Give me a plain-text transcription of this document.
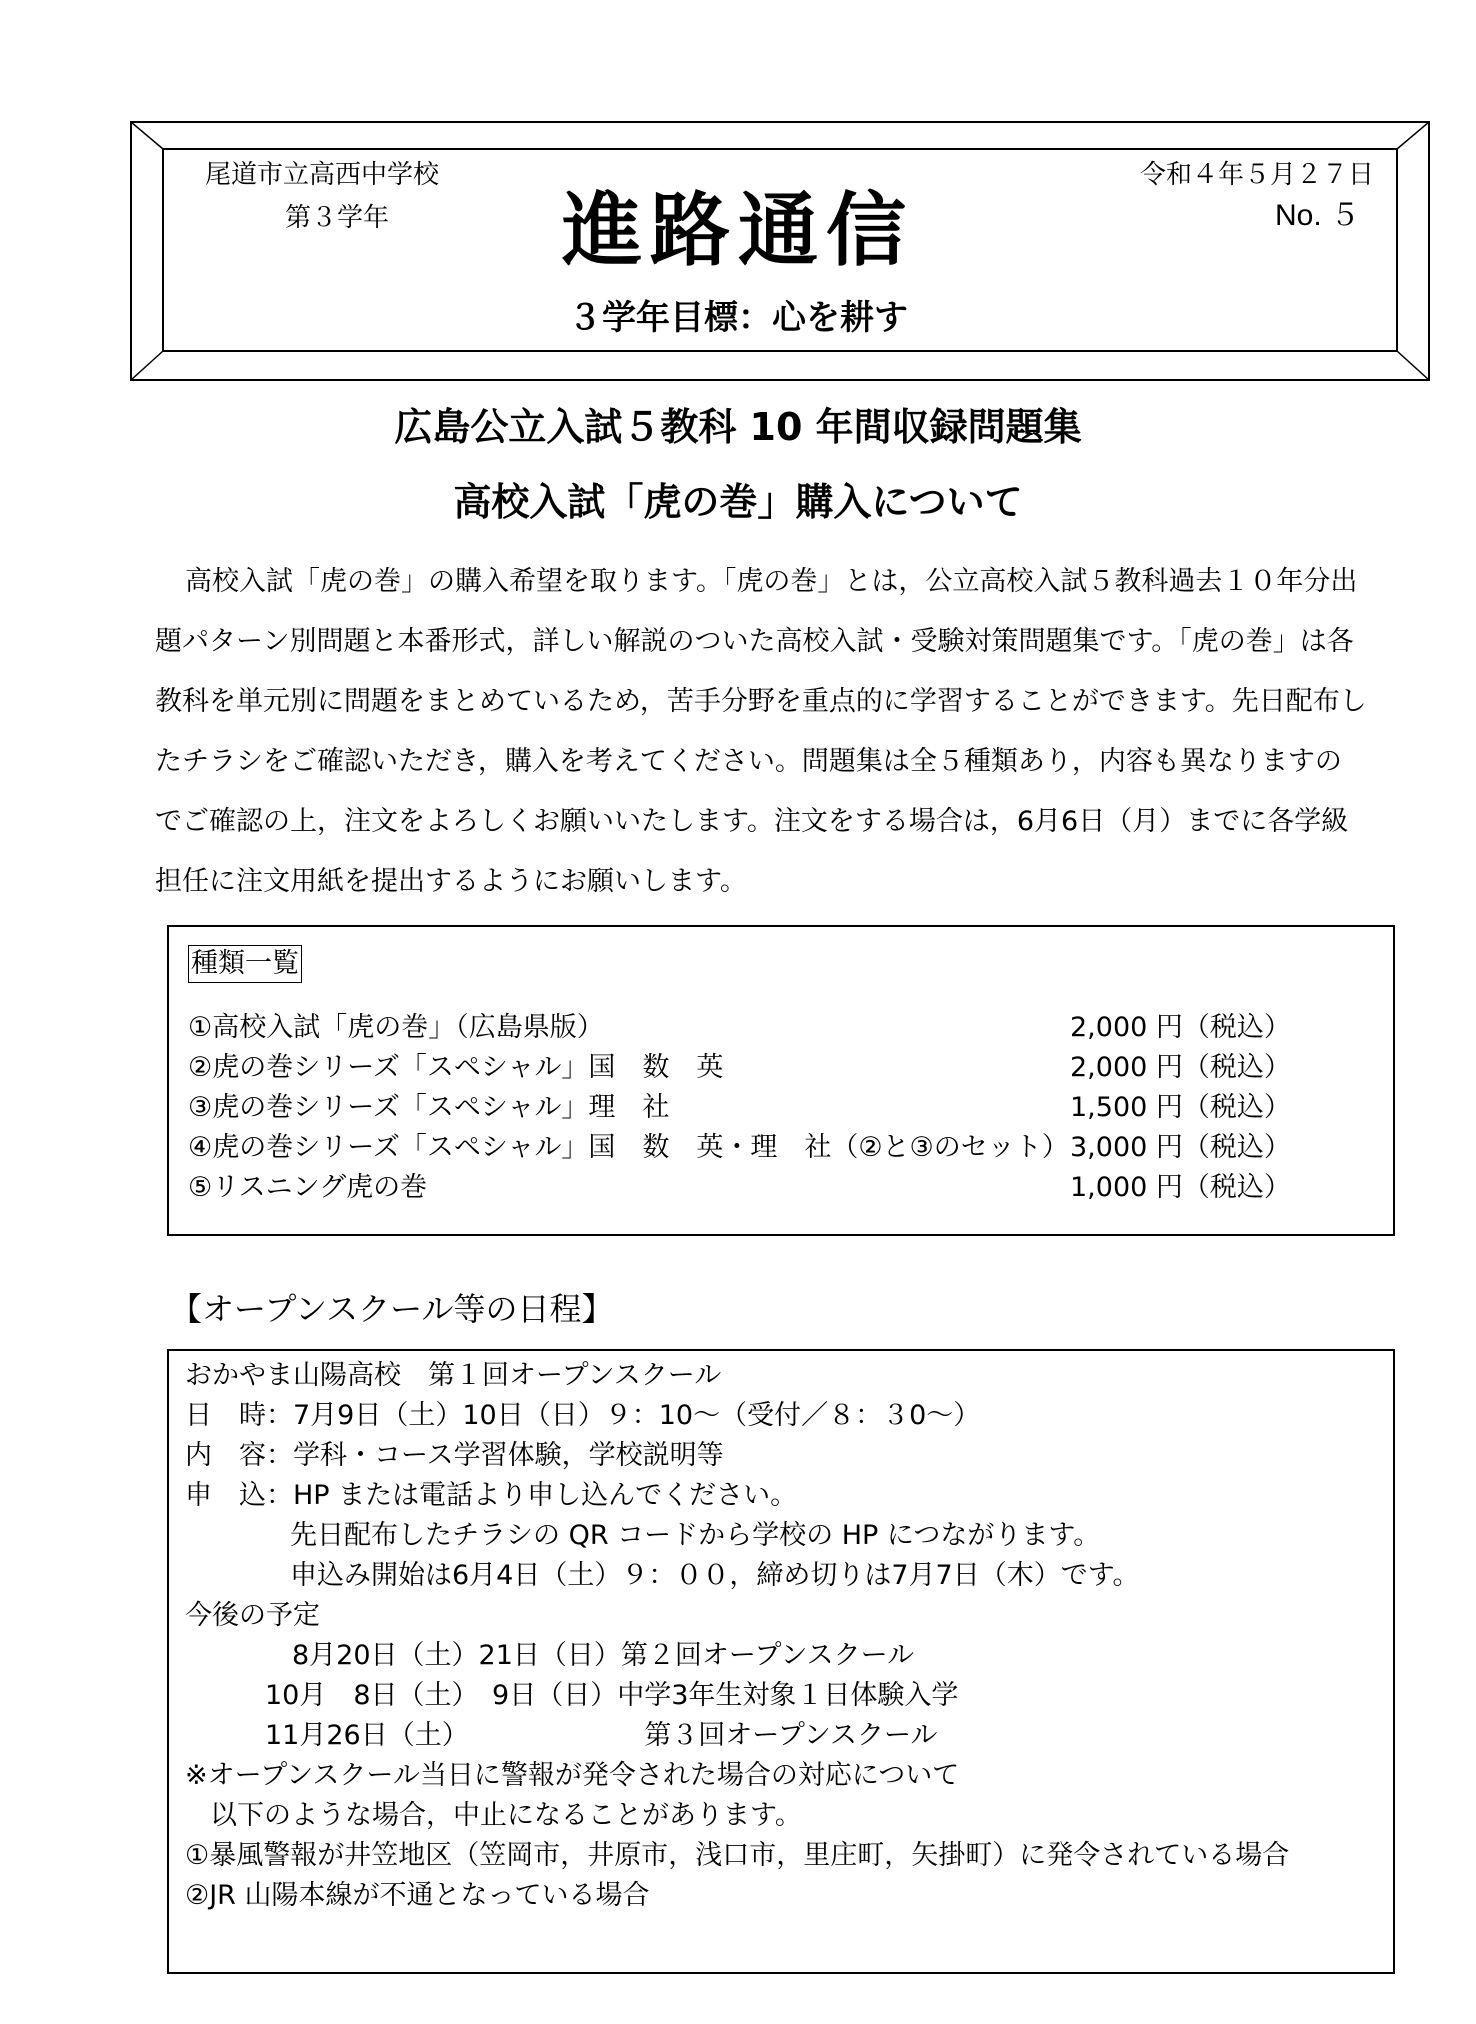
尾道市立高西中学校
第３学年	進路通信
令和４年５月２７日
No. ５
３学年目標：心を耕す
広島公立入試５教科 10 年間収録問題集
高校入試「虎の巻」購入について
高校入試「虎の巻」の購入希望を取ります。「虎の巻」とは，公立高校入試５教科過去１０年分出
題パターン別問題と本番形式，詳しい解説のついた高校入試・受験対策問題集です。「虎の巻」は各
教科を単元別に問題をまとめているため，苦手分野を重点的に学習することができます。先日配布し
たチラシをご確認いただき，購入を考えてください。問題集は全５種類あり，内容も異なりますの
でご確認の上，注文をよろしくお願いいたします。注文をする場合は，6月6日（月）までに各学級
担任に注文用紙を提出するようにお願いします。
種類一覧
①高校入試「虎の巻」（広島県版）	2,000 円（税込）
②虎の巻シリーズ「スペシャル」国　数　英	2,000 円（税込）
③虎の巻シリーズ「スペシャル」理　社	1,500 円（税込）
④虎の巻シリーズ「スペシャル」国　数　英・理　社（②と③のセット） 3,000 円（税込）
⑤リスニング虎の巻	1,000 円（税込）
【オープンスクール等の日程】
おかやま山陽高校　第１回オープンスクール
日　時：7月9日（土）10日（日）９：10～（受付／８：３0～）
内　容：学科・コース学習体験，学校説明等
申　込：HP または電話より申し込んでください。
先日配布したチラシの QR コードから学校の HP につながります。
申込み開始は6月4日（土）９：００，締め切りは7月7日（木）です。
今後の予定
8月20日（土）21日（日）第２回オープンスクール
10月　8日（土）　9日（日）中学3年生対象１日体験入学
11月26日（土）　　　　　　　第３回オープンスクール
※オープンスクール当日に警報が発令された場合の対応について
以下のような場合，中止になることがあります。
①暴風警報が井笠地区（笠岡市，井原市，浅口市，里庄町，矢掛町）に発令されている場合
②JR 山陽本線が不通となっている場合
